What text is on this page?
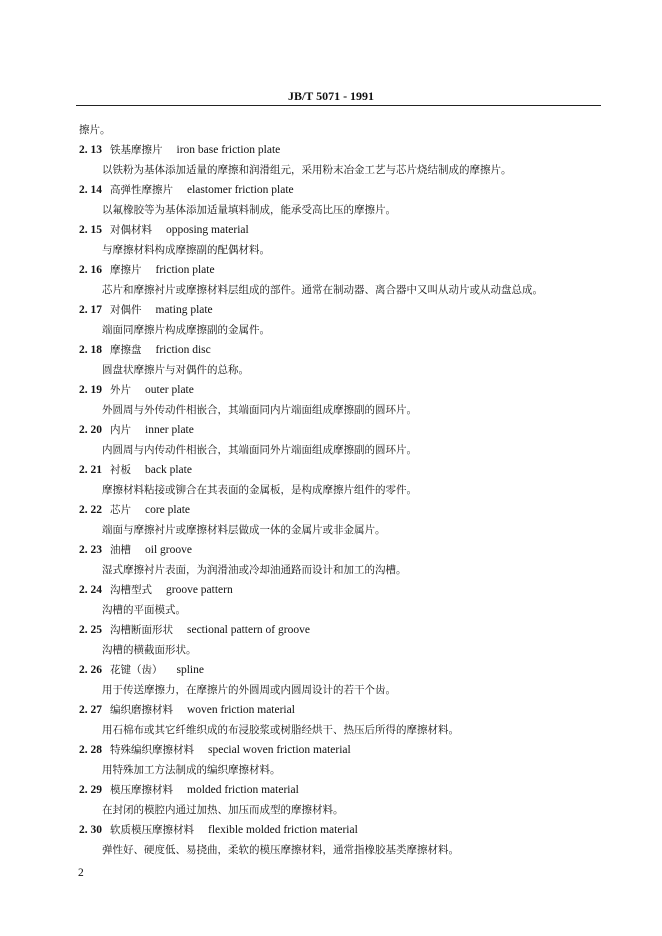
JB/T 5071 - 1991
擦片。
2. 13 铁基摩擦片 iron base friction plate
以铁粉为基体添加适量的摩擦和润滑组元，采用粉末冶金工艺与芯片烧结制成的摩擦片。
2. 14 高弹性摩擦片 elastomer friction plate
以氟橡胶等为基体添加适量填料制成，能承受高比压的摩擦片。
2. 15 对偶材料 opposing material
与摩擦材料构成摩擦副的配偶材料。
2. 16 摩擦片 friction plate
芯片和摩擦衬片或摩擦材料层组成的部件。通常在制动器、离合器中又叫从动片或从动盘总成。
2. 17 对偶件 mating plate
端面同摩擦片构成摩擦副的金属件。
2. 18 摩擦盘 friction disc
圆盘状摩擦片与对偶件的总称。
2. 19 外片 outer plate
外圆周与外传动件相嵌合，其端面同内片端面组成摩擦副的圆环片。
2. 20 内片 inner plate
内圆周与内传动件相嵌合，其端面同外片端面组成摩擦副的圆环片。
2. 21 衬板 back plate
摩擦材料粘接或铆合在其表面的金属板，是构成摩擦片组件的零件。
2. 22 芯片 core plate
端面与摩擦衬片或摩擦材料层做成一体的金属片或非金属片。
2. 23 油槽 oil groove
湿式摩擦衬片表面，为润滑油或冷却油通路而设计和加工的沟槽。
2. 24 沟槽型式 groove pattern
沟槽的平面模式。
2. 25 沟槽断面形状 sectional pattern of groove
沟槽的横截面形状。
2. 26 花键（齿） spline
用于传送摩擦力，在摩擦片的外圆周或内圆周设计的若干个齿。
2. 27 编织磨擦材料 woven friction material
用石棉布或其它纤维织成的布浸胶浆或树脂经烘干、热压后所得的摩擦材料。
2. 28 特殊编织摩擦材料 special woven friction material
用特殊加工方法制成的编织摩擦材料。
2. 29 模压摩擦材料 molded friction material
在封闭的模腔内通过加热、加压而成型的摩擦材料。
2. 30 软质模压摩擦材料 flexible molded friction material
弹性好、硬度低、易挠曲，柔软的模压摩擦材料，通常指橡胶基类摩擦材料。
2
